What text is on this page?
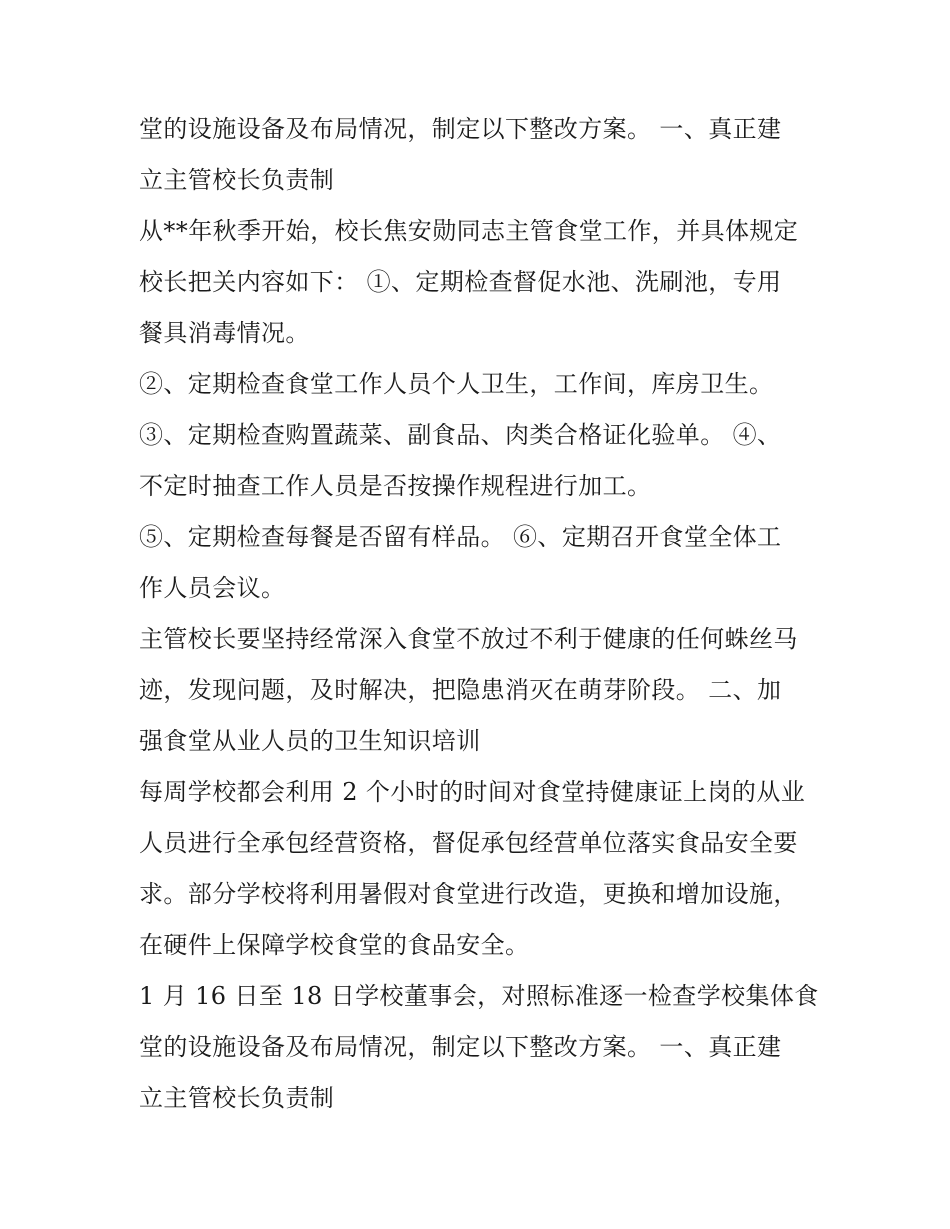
堂的设施设备及布局情况，制定以下整改方案。 一、真正建
立主管校长负责制
从**年秋季开始，校长焦安勋同志主管食堂工作，并具体规定
校长把关内容如下： ①、定期检查督促水池、洗刷池，专用
餐具消毒情况。
②、定期检查食堂工作人员个人卫生，工作间，库房卫生。
③、定期检查购置蔬菜、副食品、肉类合格证化验单。 ④、
不定时抽查工作人员是否按操作规程进行加工。
⑤、定期检查每餐是否留有样品。 ⑥、定期召开食堂全体工
作人员会议。
主管校长要坚持经常深入食堂不放过不利于健康的任何蛛丝马
迹，发现问题，及时解决，把隐患消灭在萌芽阶段。 二、加
强食堂从业人员的卫生知识培训
每周学校都会利用 2 个小时的时间对食堂持健康证上岗的从业
人员进行全承包经营资格，督促承包经营单位落实食品安全要
求。部分学校将利用暑假对食堂进行改造，更换和增加设施，
在硬件上保障学校食堂的食品安全。
1 月 16 日至 18 日学校董事会，对照标准逐一检查学校集体食
堂的设施设备及布局情况，制定以下整改方案。 一、真正建
立主管校长负责制
